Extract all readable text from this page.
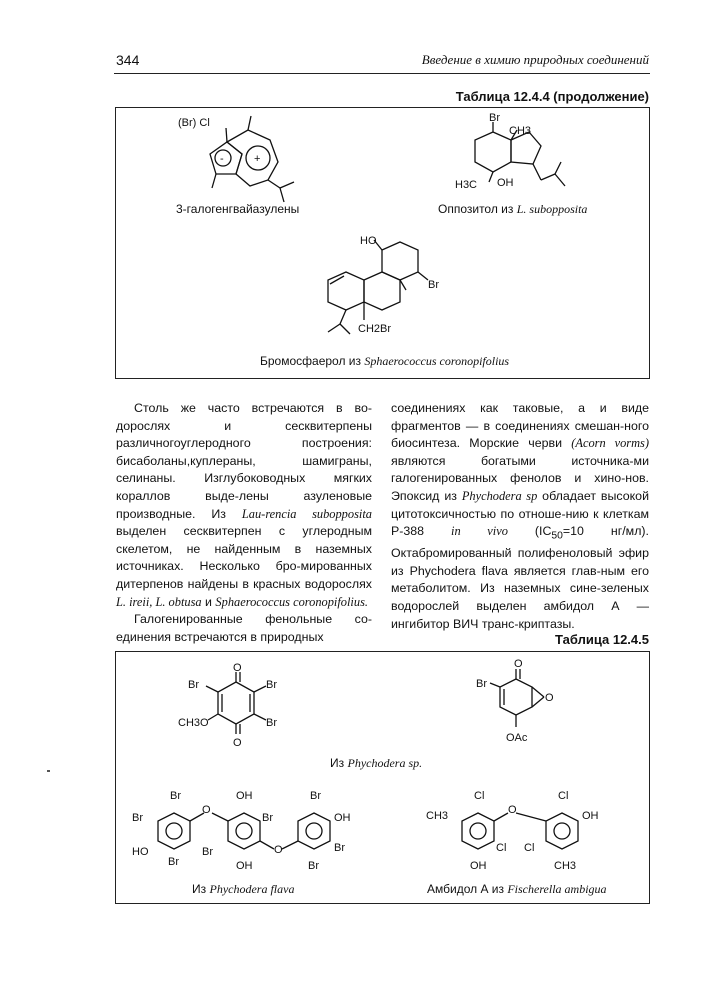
344	Введение в химию природных соединений
Таблица 12.4.4 (продолжение)
(Br) Cl
-	+
3-галогенгвайазулены
Br
CH3
H3C OH
Оппозитол из L. subopposita
HO
Br
CH2Br
Бромосфаерол из Sphaerococcus coronopifolius

Столь же часто встречаются в во-дорослях и сесквитерпены различногоуглеродного построения: бисаболаны,куплераны, шамиграны, селинаны. Изглубоководных мягких кораллов выде-лены азуленовые производные. Из Lau-rencia subopposita выделен сесквитерпен с углеродным скелетом, не найденным в наземных источниках. Несколько бро-мированных дитерпенов найдены в красных водорослях L. ireii, L. obtusa и Sphaerococcus coronopifolius.

Галогенированные фенольные со-единения встречаются в природных

соединениях как таковые, а и виде фрагментов — в соединениях смешан-ного биосинтеза. Морские черви (Acorn vorms) являются богатыми источника-ми галогенированных фенолов и хино-нов. Эпоксид из Phychodera sp обладает высокой цитотоксичностью по отноше-нию к клеткам P-388 in vivo ($IC_{50}=10$ нг/мл). Октабромированный полифеноловый эфир из Phychodera flava является глав-ным его метаболитом. Из наземных сине-зеленых водорослей выделен амбидол А — ингибитор ВИЧ транс-криптазы.

Таблица 12.4.5
O
O
Br	Br
Br
CH3O
O
Br
O
OAc
Из Phychodera sp.
Br
Br
HO
Br
O
OH
Br
Br
OH
O
Br
OH
Br
Br
Из Phychodera flava
Cl
CH3
OH
Cl
O
Cl
OH
Cl
CH3
Амбидол А из Fischerella ambigua
